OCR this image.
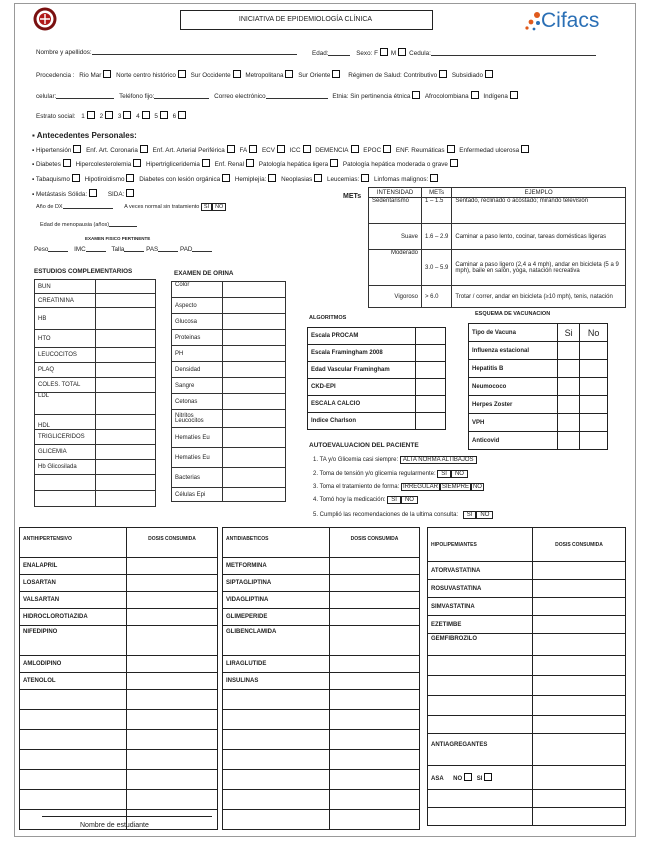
INICIATIVA DE EPIDEMIOLOGÍA CLÍNICA	Cifacs
Nombre y apellidos:	Edad:	Sexo: F M Cedula:
Procedencia : Rio Mar Norte centro histórico Sur Occidente Metropolitana Sur Oriente	Régimen de Salud: Contributivo Subsidiado
celular:	Teléfono fijo:	Correo electrónico	Etnia: Sin pertinencia étnica Afrocolombiana Indígena
Estrato social: 1 2 3 4 5 6
▪ Antecedentes Personales:
▪ Hipertensión Enf. Art. Coronaria Enf. Art. Arterial Periférica FA ECV ICC DEMENCIA EPOC ENF. Reumáticas Enfermedad ulcerosa
▪ Diabetes Hipercolesterolemia Hipertrigliceridemia Enf. Renal Patología hepática ligera Patología hepática moderada o grave
▪ Tabaquismo Hipotiroidismo Diabetes con lesión orgánica Hemiplejía: Neoplasias Leucemias: Linfomas malignos:
▪ Metástasis Sólida:	SIDA:
Año de DX	A veces normal sin tratamiento SI NO
Edad de menopausia (años)
EXAMEN FISICO PERTINENTE
Peso	IMC	Talla	PAS	PAD
METs
INTENSIDAD	METs	EJEMPLO
Sedentarismo	1 – 1.5	Sentado, reclinado o acostado; mirando televisión
Suave	1.6 – 2.9	Caminar a paso lento, cocinar, tareas domésticas ligeras
Moderado	3.0 – 5.9	Caminar a paso ligero (2,4 a 4 mph), andar en bicicleta (5 a 9 mph), baile en salón, yoga, natación recreativa
Vigoroso	> 6.0	Trotar / correr, andar en bicicleta (≥10 mph), tenis, natación
ESTUDIOS COMPLEMENTARIOS
BUN	
CREATININA	
HB	
HTO	
LEUCOCITOS	
PLAQ	
COLES. TOTAL	
LDL	
HDL	
TRIGLICERIDOS	
GLICEMIA	
Hb Glicosilada	

EXAMEN DE ORINA
Color	
Aspecto	
Glucosa	
Proteinas	
PH	
Densidad	
Sangre	
Cetonas	
Nitritos
Leucocitos	
Hematíes Eu	
Hematíes Eu	
Bacterias	
Células Epi	
ALGORITMOS
Escala PROCAM	
Escala Framingham 2008	
Edad Vascular Framingham	
CKD-EPI	
ESCALA CALCIO	
Indice Charlson	
ESQUEMA DE VACUNACION
Tipo de Vacuna	Si	No
Influenza estacional		
Hepatitis B		
Neumococo		
Herpes Zoster		
VPH		
Anticovid		
AUTOEVALUACION DEL PACIENTE
1. TA y/o Glicemia casi siempre: ALTA NORMA ALTIBAJOS
2. Toma de tensión y/o glicemia regularmente: SI NO
3. Toma el tratamiento de forma: IRREGULAR SIEMPRE NO
4. Tomó hoy la medicación: SI NO
5. Cumplió las recomendaciones de la ultima consulta: SI NO
ANTIHIPERTENSIVO	DOSIS CONSUMIDA
ENALAPRIL	
LOSARTAN	
VALSARTAN	
HIDROCLOROTIAZIDA	
NIFEDIPINO	
AMLODIPINO	
ATENOLOL	

ANTIDIABETICOS	DOSIS CONSUMIDA
METFORMINA	
SIPTAGLIPTINA	
VIDAGLIPTINA	
GLIMEPERIDE	
GLIBENCLAMIDA	
LIRAGLUTIDE	
INSULINAS	

HIPOLIPEMIANTES	DOSIS CONSUMIDA
ATORVASTATINA	
ROSUVASTATINA	
SIMVASTATINA	
EZETIMBE	
GEMFIBROZILO	

ANTIAGREGANTES	
ASA NO SI	

Nombre de estudiante
